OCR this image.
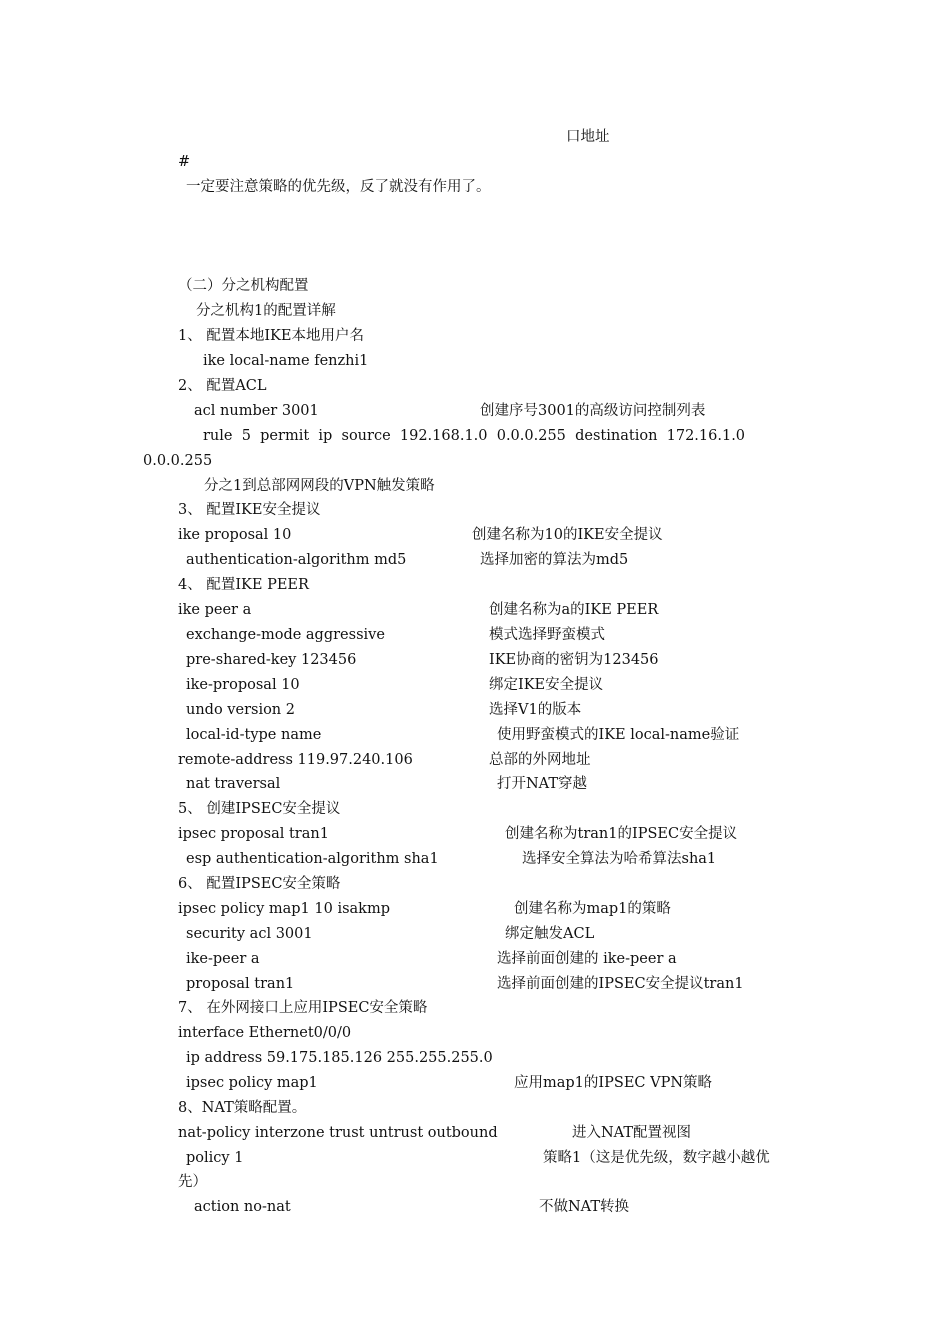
口地址
#
一定要注意策略的优先级，反了就没有作用了。
（二）分之机构配置
分之机构1的配置详解
1、 配置本地IKE本地用户名
ike local-name fenzhi1
2、 配置ACL
acl number 3001	创建序号3001的高级访问控制列表
rule  5  permit  ip  source  192.168.1.0  0.0.0.255  destination  172.16.1.0
0.0.0.255
分之1到总部网网段的VPN触发策略
3、 配置IKE安全提议
ike proposal 10	创建名称为10的IKE安全提议
authentication-algorithm md5	选择加密的算法为md5
4、 配置IKE PEER
ike peer a	创建名称为a的IKE PEER
exchange-mode aggressive	模式选择野蛮模式
pre-shared-key 123456	IKE协商的密钥为123456
ike-proposal 10	绑定IKE安全提议
undo version 2	选择V1的版本
local-id-type name	使用野蛮模式的IKE local-name验证
remote-address 119.97.240.106	总部的外网地址
nat traversal	打开NAT穿越
5、 创建IPSEC安全提议
ipsec proposal tran1	创建名称为tran1的IPSEC安全提议
esp authentication-algorithm sha1	选择安全算法为哈希算法sha1
6、 配置IPSEC安全策略
ipsec policy map1 10 isakmp	创建名称为map1的策略
security acl 3001	绑定触发ACL
ike-peer a	选择前面创建的 ike-peer a
proposal tran1	选择前面创建的IPSEC安全提议tran1
7、 在外网接口上应用IPSEC安全策略
interface Ethernet0/0/0
ip address 59.175.185.126 255.255.255.0
ipsec policy map1	应用map1的IPSEC VPN策略
8、NAT策略配置。
nat-policy interzone trust untrust outbound	进入NAT配置视图
policy 1	策略1（这是优先级，数字越小越优
先）
action no-nat	不做NAT转换
